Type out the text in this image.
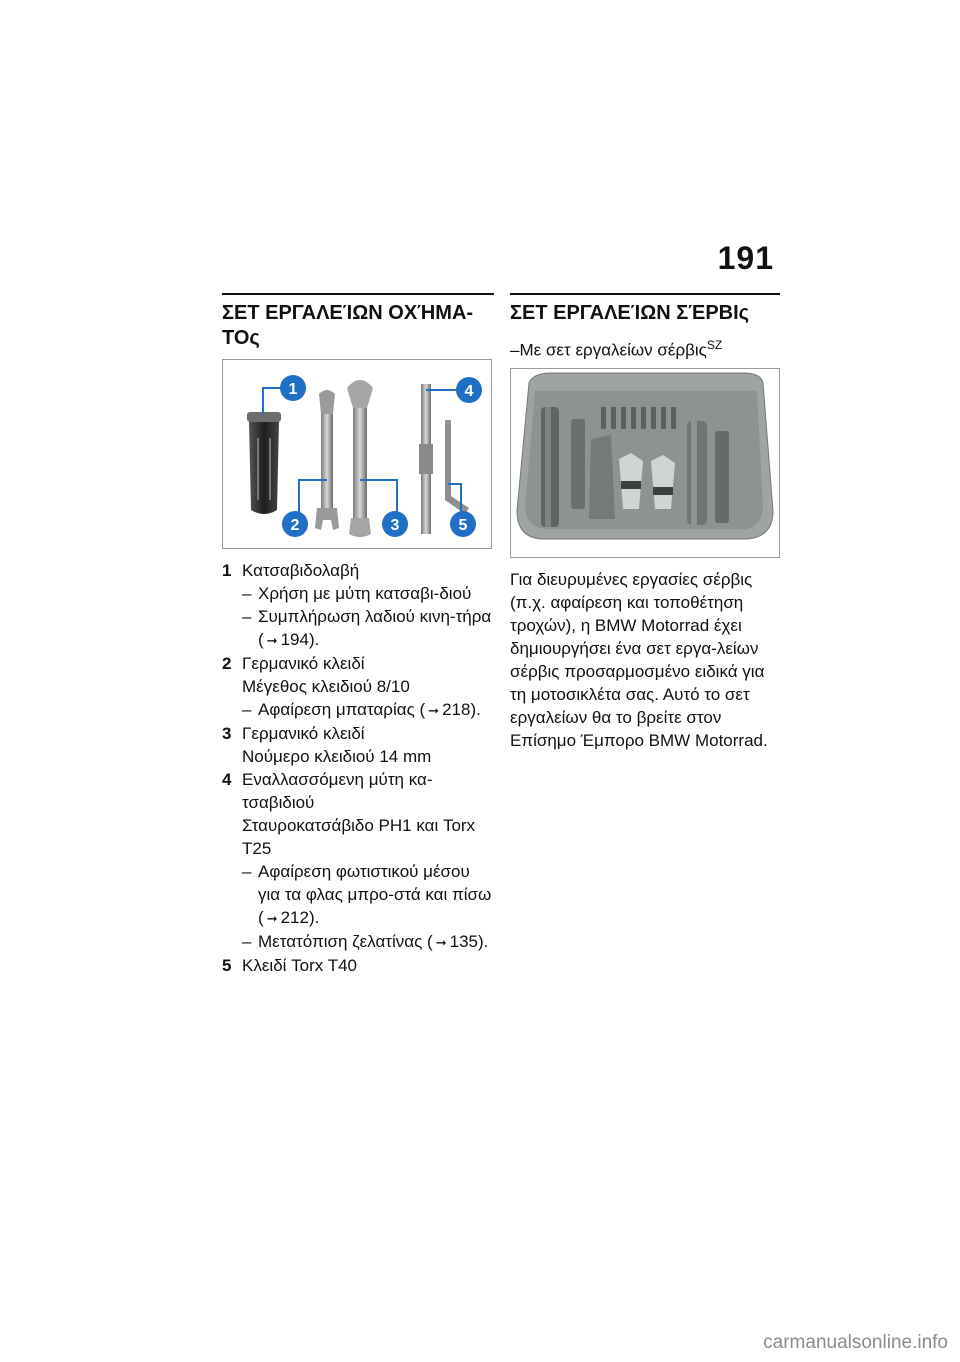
191
ΣΕΤ ΕΡΓΑΛΕΊΩΝ ΟΧΉΜΑ-ΤΟς
1
2	3
4
5
1 Κατσαβιδολαβή
– Χρήση με μύτη κατσαβι-διού
– Συμπλήρωση λαδιού κινη-τήρα ( ➞ 194).
2 Γερμανικό κλειδί
Μέγεθος κλειδιού 8/10
– Αφαίρεση μπαταρίας ( ➞ 218).
3 Γερμανικό κλειδί
Νούμερο κλειδιού 14 mm
4 Εναλλασσόμενη μύτη κα-τσαβιδιού
Σταυροκατσάβιδο PH1 και Torx T25
– Αφαίρεση φωτιστικού μέσου για τα φλας μπρο-στά και πίσω ( ➞ 212).
– Μετατόπιση ζελατίνας ( ➞ 135).
5 Κλειδί Torx T40
ΣΕΤ ΕΡΓΑΛΕΊΩΝ ΣΈΡΒΙς
–Με σετ εργαλείων σέρβις$^{SZ}$
Για διευρυμένες εργασίες σέρβις (π.χ. αφαίρεση και τοποθέτηση τροχών), η BMW Motorrad έχει δημιουργήσει ένα σετ εργα-λείων σέρβις προσαρμοσμένο ειδικά για τη μοτοσικλέτα σας. Αυτό το σετ εργαλείων θα το βρείτε στον Επίσημο Έμπορο BMW Motorrad.
carmanualsonline.info
